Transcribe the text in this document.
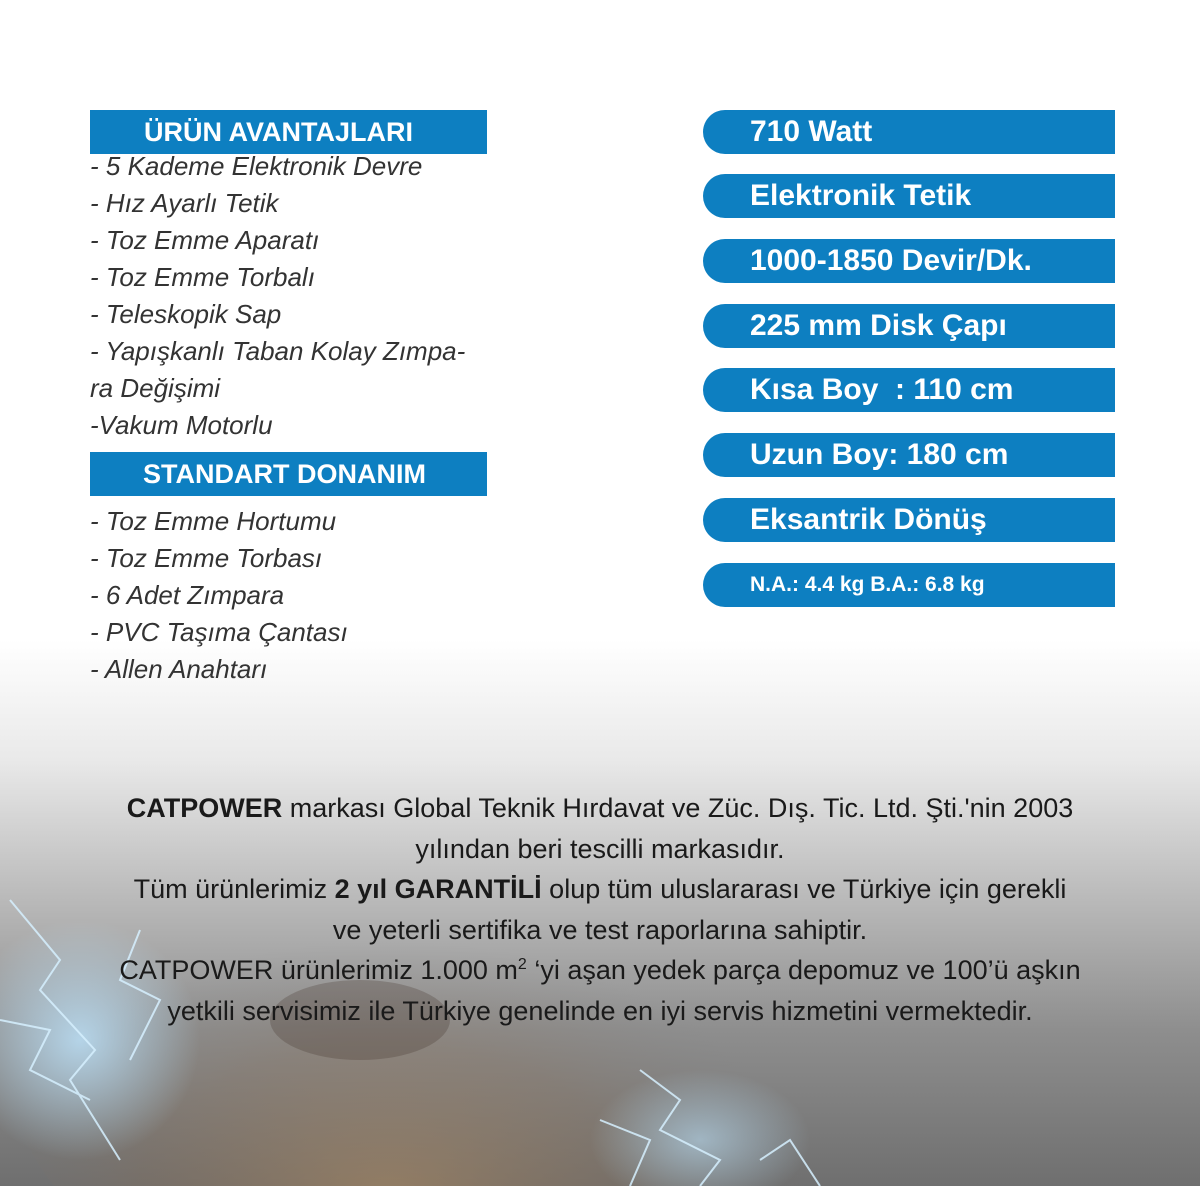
ÜRÜN AVANTAJLARI
- 5 Kademe Elektronik Devre
- Hız Ayarlı Tetik
- Toz Emme Aparatı
- Toz Emme Torbalı
- Teleskopik Sap
- Yapışkanlı Taban Kolay Zımpa-
ra Değişimi
-Vakum Motorlu
STANDART DONANIM
- Toz Emme Hortumu
- Toz Emme Torbası
- 6 Adet Zımpara
- PVC Taşıma Çantası
- Allen Anahtarı
710 Watt
Elektronik Tetik
1000-1850 Devir/Dk.
225 mm Disk Çapı
Kısa Boy  : 110 cm
Uzun Boy: 180 cm
Eksantrik Dönüş
N.A.: 4.4 kg B.A.: 6.8 kg

CATPOWER markası Global Teknik Hırdavat ve Züc. Dış. Tic. Ltd. Şti.'nin 2003

yılından beri tescilli markasıdır.

Tüm ürünlerimiz 2 yıl GARANTİLİ olup tüm uluslararası ve Türkiye için gerekli

ve yeterli sertifika ve test raporlarına sahiptir.

CATPOWER ürünlerimiz 1.000 $m^2$ ‘yi aşan yedek parça depomuz ve 100’ü aşkın

yetkili servisimiz ile Türkiye genelinde en iyi servis hizmetini vermektedir.
